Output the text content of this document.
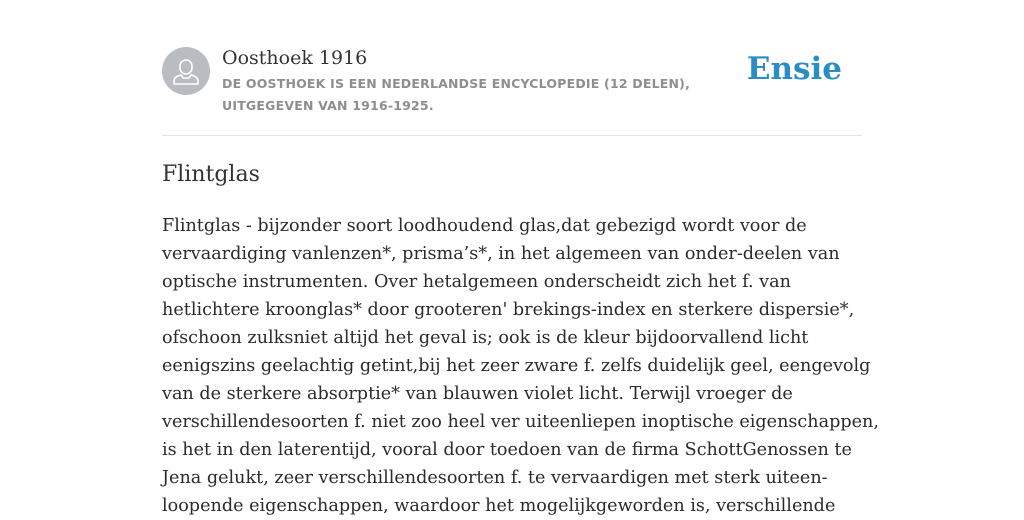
Oosthoek 1916
DE OOSTHOEK IS EEN NEDERLANDSE ENCYCLOPEDIE (12 DELEN), UITGEGEVEN VAN 1916-1925.
Ensie
Flintglas
Flintglas - bijzonder soort loodhoudend glas,dat gebezigd wordt voor de
vervaardiging vanlenzen*, prisma’s*, in het algemeen van onder-deelen van
optische instrumenten. Over hetalgemeen onderscheidt zich het f. van
hetlichtere kroonglas* door grooteren' brekings-index en sterkere dispersie*,
ofschoon zulksniet altijd het geval is; ook is de kleur bijdoorvallend licht
eenigszins geelachtig getint,bij het zeer zware f. zelfs duidelijk geel, eengevolg
van de sterkere absorptie* van blauwen violet licht. Terwijl vroeger de
verschillendesoorten f. niet zoo heel ver uiteenliepen inoptische eigenschappen,
is het in den laterentijd, vooral door toedoen van de firma SchottGenossen te
Jena gelukt, zeer verschillendesoorten f. te vervaardigen met sterk uiteen-
loopende eigenschappen, waardoor het mogelijkgeworden is, verschillende
